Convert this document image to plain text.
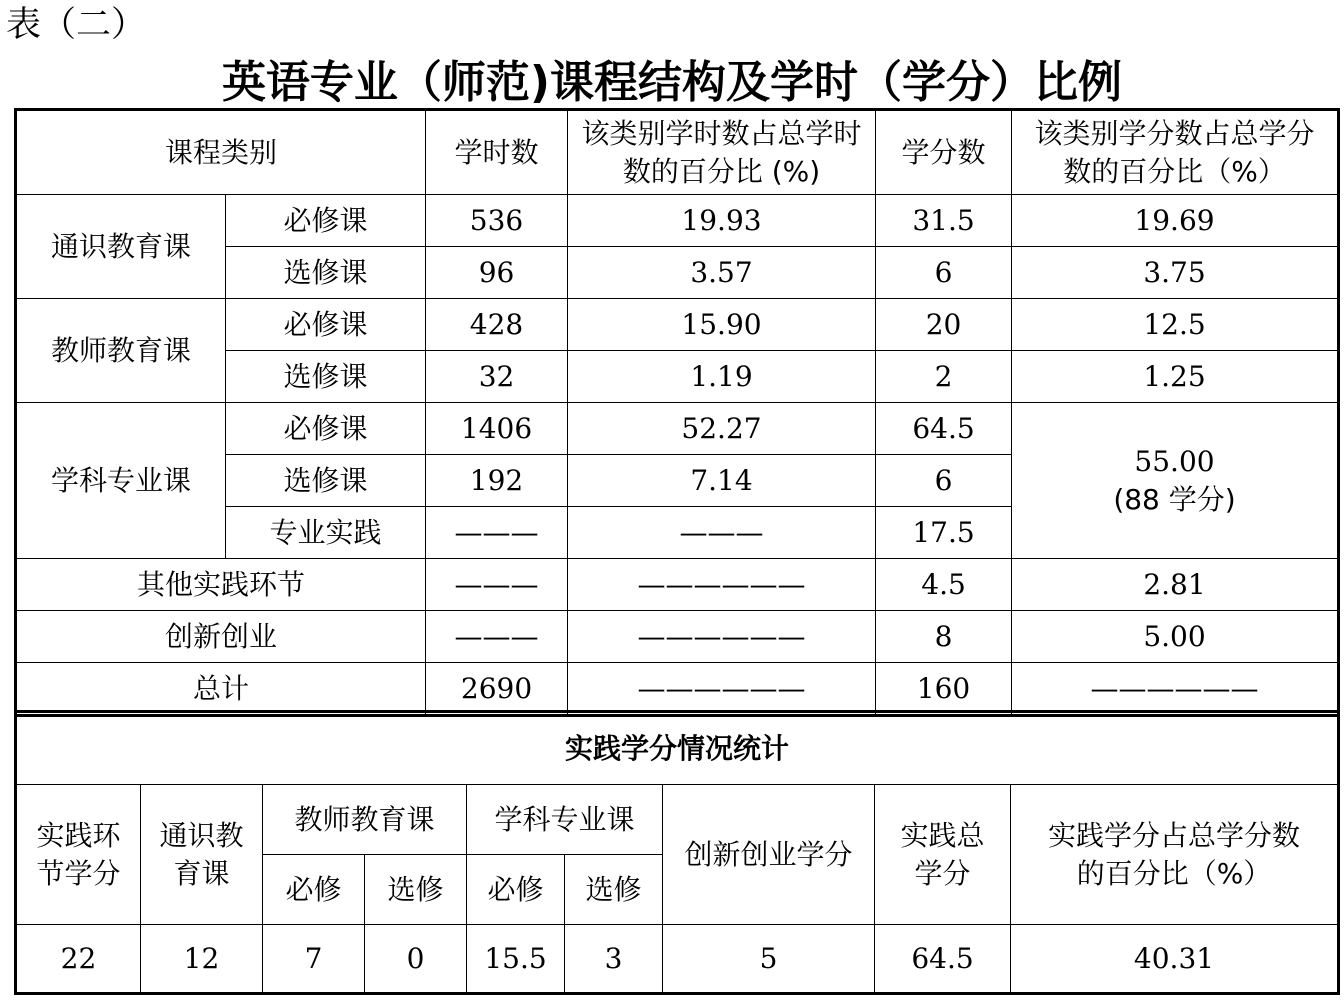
表（二）
英语专业（师范)课程结构及学时（学分）比例
课程类别		学时数	该类别学时数占总学时数的百分比 (%)	学分数	该类别学分数占总学分数的百分比（%）
通识教育课	必修课	536	19.93	31.5	19.69
	选修课	96	3.57	6	3.75
教师教育课	必修课	428	15.90	20	12.5
	选修课	32	1.19	2	1.25
学科专业课	必修课	1406	52.27	64.5	55.00
(88 学分)

	选修课	192	7.14	6	
	专业实践	———	———	17.5	
其他实践环节		———	——————	4.5	2.81
创新创业		———	——————	8	5.00
总计		2690	——————	160	——————
实践学分情况统计								
实践环节学分	通识教育课	教师教育课		学科专业课		创新创业学分	实践总学分	实践学分占总学分数的百分比（%）
		必修	选修	必修	选修			
22	12	7	0	15.5	3	5	64.5	40.31
